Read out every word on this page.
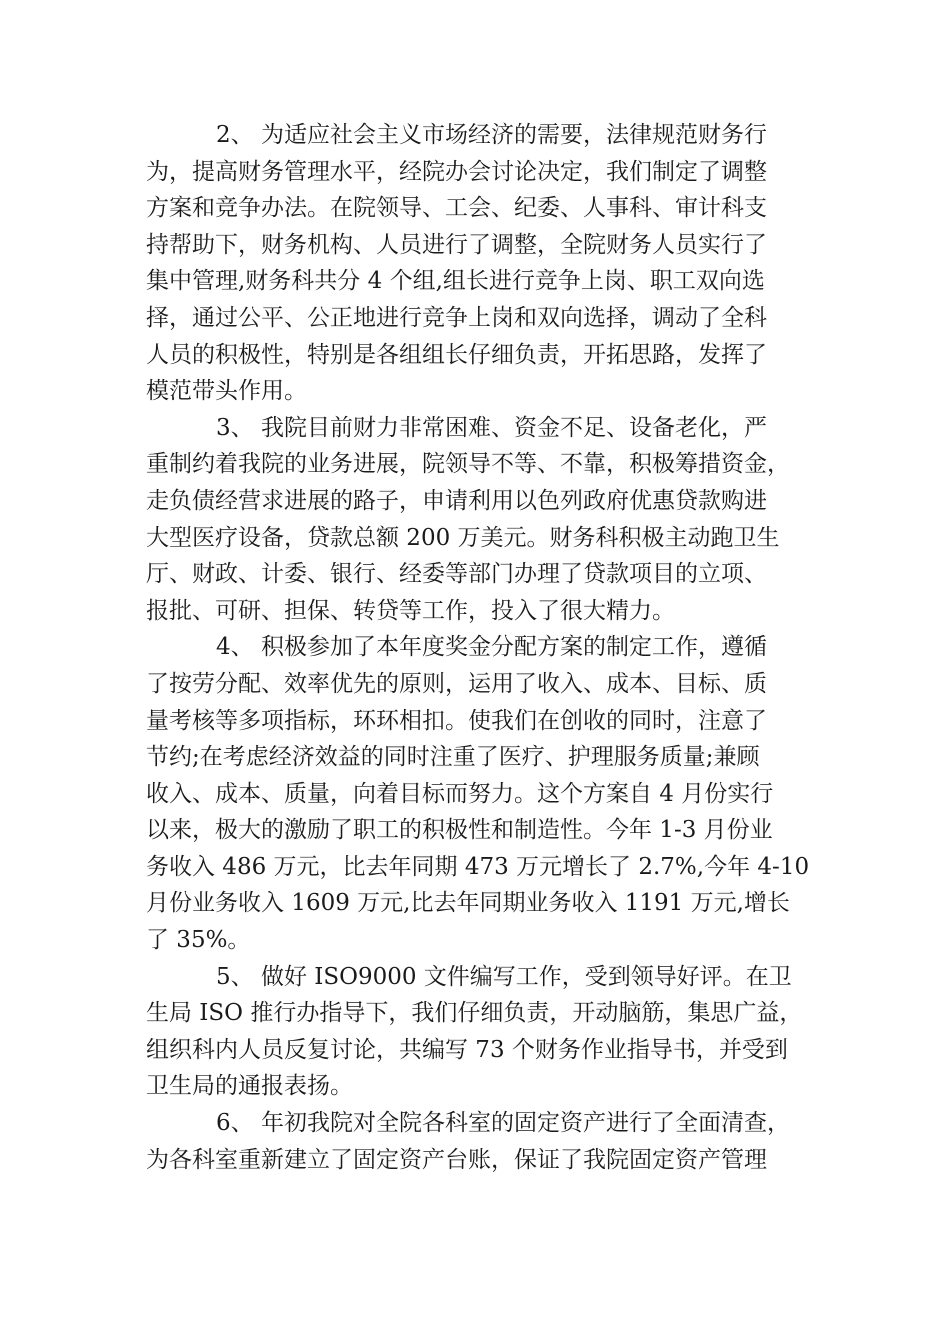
2、 为适应社会主义市场经济的需要，法律规范财务行
为，提高财务管理水平，经院办会讨论决定，我们制定了调整
方案和竞争办法。在院领导、工会、纪委、人事科、审计科支
持帮助下，财务机构、人员进行了调整，全院财务人员实行了
集中管理,财务科共分 4 个组,组长进行竞争上岗、职工双向选
择，通过公平、公正地进行竞争上岗和双向选择，调动了全科
人员的积极性，特别是各组组长仔细负责，开拓思路，发挥了
模范带头作用。
3、 我院目前财力非常困难、资金不足、设备老化，严
重制约着我院的业务进展，院领导不等、不靠，积极筹措资金，
走负债经营求进展的路子，申请利用以色列政府优惠贷款购进
大型医疗设备，贷款总额 200 万美元。财务科积极主动跑卫生
厅、财政、计委、银行、经委等部门办理了贷款项目的立项、
报批、可研、担保、转贷等工作，投入了很大精力。
4、 积极参加了本年度奖金分配方案的制定工作，遵循
了按劳分配、效率优先的原则，运用了收入、成本、目标、质
量考核等多项指标，环环相扣。使我们在创收的同时，注意了
节约;在考虑经济效益的同时注重了医疗、护理服务质量;兼顾
收入、成本、质量，向着目标而努力。这个方案自 4 月份实行
以来，极大的激励了职工的积极性和制造性。今年 1-3 月份业
务收入 486 万元，比去年同期 473 万元增长了 2.7%,今年 4-10
月份业务收入 1609 万元,比去年同期业务收入 1191 万元,增长
了 35%。
5、 做好 ISO9000 文件编写工作，受到领导好评。在卫
生局 ISO 推行办指导下，我们仔细负责，开动脑筋，集思广益，
组织科内人员反复讨论，共编写 73 个财务作业指导书，并受到
卫生局的通报表扬。
6、 年初我院对全院各科室的固定资产进行了全面清查，
为各科室重新建立了固定资产台账，保证了我院固定资产管理
